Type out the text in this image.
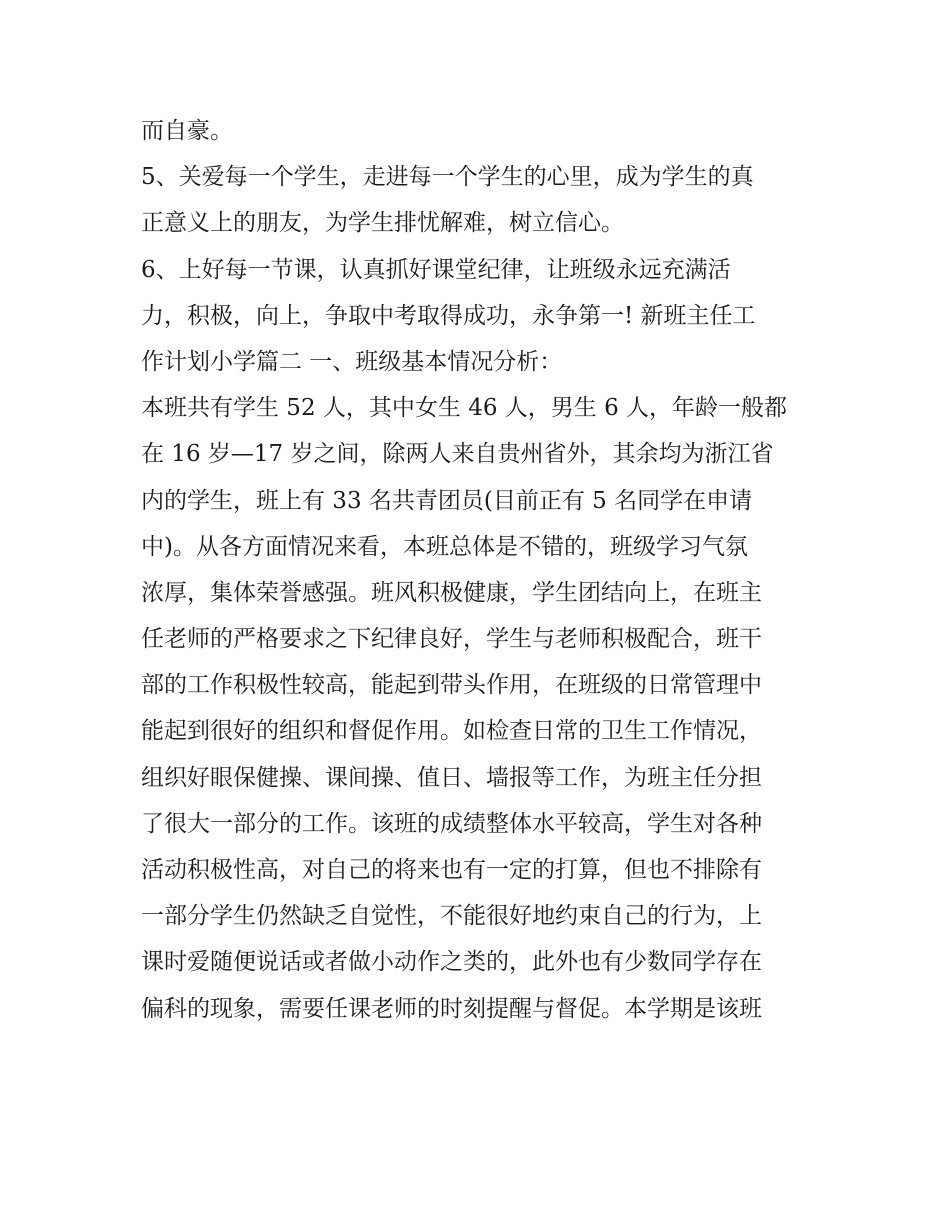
而自豪。
5、关爱每一个学生，走进每一个学生的心里，成为学生的真
正意义上的朋友，为学生排忧解难，树立信心。
6、上好每一节课，认真抓好课堂纪律，让班级永远充满活
力，积极，向上，争取中考取得成功，永争第一! 新班主任工
作计划小学篇二 一、班级基本情况分析：
本班共有学生 52 人，其中女生 46 人，男生 6 人，年龄一般都
在 16 岁—17 岁之间，除两人来自贵州省外，其余均为浙江省
内的学生，班上有 33 名共青团员(目前正有 5 名同学在申请
中)。从各方面情况来看，本班总体是不错的，班级学习气氛
浓厚，集体荣誉感强。班风积极健康，学生团结向上，在班主
任老师的严格要求之下纪律良好，学生与老师积极配合，班干
部的工作积极性较高，能起到带头作用，在班级的日常管理中
能起到很好的组织和督促作用。如检查日常的卫生工作情况，
组织好眼保健操、课间操、值日、墙报等工作，为班主任分担
了很大一部分的工作。该班的成绩整体水平较高，学生对各种
活动积极性高，对自己的将来也有一定的打算，但也不排除有
一部分学生仍然缺乏自觉性，不能很好地约束自己的行为，上
课时爱随便说话或者做小动作之类的，此外也有少数同学存在
偏科的现象，需要任课老师的时刻提醒与督促。本学期是该班
